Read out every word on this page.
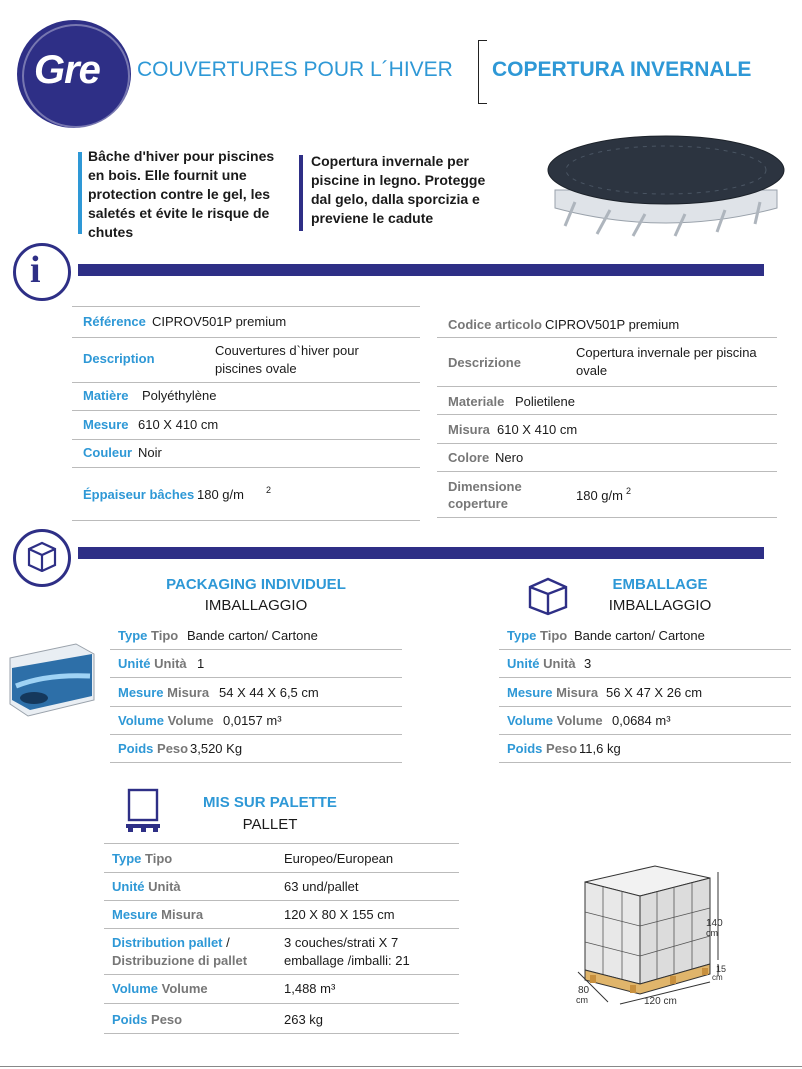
Gre COUVERTURES POUR L´HIVER COPERTURA INVERNALE
Bâche d'hiver pour piscines
en bois. Elle fournit une
protection contre le gel, les
saletés et évite le risque de
chutes
Copertura invernale per
piscine in legno. Protegge
dal gelo, dalla sporcizia e
previene le cadute
i
Référence CIPROV501P premium
Description
Couvertures d`hiver pour
piscines ovale
Matière Polyéthylène
Mesure 610 X 410 cm
Couleur Noir
Éppaiseur bâches 180 g/m 2
Codice articolo CIPROV501P premium
Descrizione
Copertura invernale per piscina
ovale
Materiale Polietilene
Misura 610 X 410 cm
Colore Nero
Dimensione
coperture
180 g/m 2
PACKAGING INDIVIDUEL
IMBALLAGGIO
Type Tipo Bande carton/ Cartone
Unité Unità 1
Mesure Misura 54 X 44 X 6,5 cm
Volume Volume 0,0157 m³
Poids Peso 3,520 Kg
EMBALLAGE
IMBALLAGGIO
Type Tipo Bande carton/ Cartone
Unité Unità 3
Mesure Misura 56 X 47 X 26 cm
Volume Volume 0,0684 m³
Poids Peso 11,6 kg
MIS SUR PALETTE
PALLET
Type Tipo	Europeo/European
Unité Unità	63 und/pallet
Mesure Misura	120 X 80 X 155 cm
Distribution pallet /
Distribuzione di pallet
3 couches/strati X 7
emballage /imballi: 21
Volume Volume	1,488 m³
Poids Peso	263 kg
140
cm
15
cm
80
cm	120 cm
